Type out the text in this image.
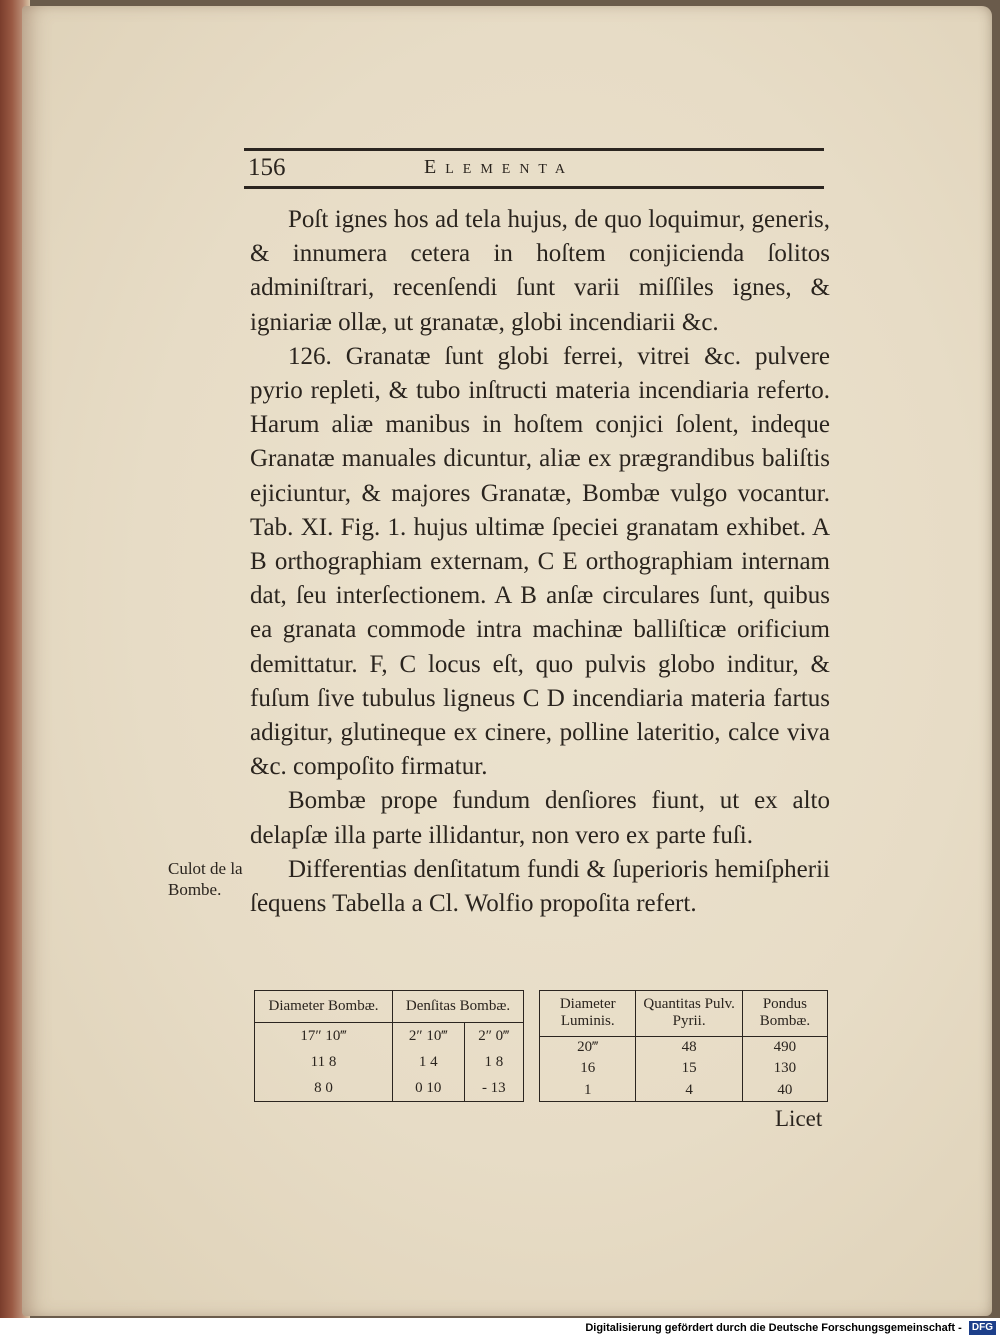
156	Elementa

Poſt ignes hos ad tela hujus, de quo loquimur, generis, & innumera cetera in hoſtem conjicienda ſolitos adminiſtrari, recenſendi ſunt varii miſſiles ignes, & igniariæ ollæ, ut granatæ, globi incendiarii &c.

126. Granatæ ſunt globi ferrei, vitrei &c. pulvere pyrio repleti, & tubo inſtructi materia incendiaria referto. Harum aliæ manibus in hoſtem conjici ſolent, indeque Granatæ manuales dicuntur, aliæ ex prægrandibus baliſtis ejiciuntur, & majores Granatæ, Bombæ vulgo vocantur. Tab. XI. Fig. 1. hujus ultimæ ſpeciei granatam exhibet. A B orthographiam externam, C E orthographiam internam dat, ſeu interſectionem. A B anſæ circulares ſunt, quibus ea granata commode intra machinæ balliſticæ orificium demittatur. F, C locus eſt, quo pulvis globo inditur, & fuſum ſive tubulus ligneus C D incendiaria materia fartus adigitur, glutineque ex cinere, polline lateritio, calce viva &c. compoſito firmatur.

Bombæ prope fundum denſiores fiunt, ut ex alto delapſæ illa parte illidantur, non vero ex parte fuſi.

Differentias denſitatum fundi & ſuperioris hemiſpherii ſequens Tabella a Cl. Wolfio propoſita refert.

Culot de la Bombe.
Diameter Bombæ.	Denſitas Bombæ.	
17″ 10‴	2″ 10‴	2″ 0‴
11 8	1 4	1 8
8 0	0 10	- 13
Diameter Luminis.	Quantitas Pulv. Pyrii.	Pondus Bombæ.
20‴	48	490
16	15	130
1	4	40
Licet
Digitalisierung gefördert durch die Deutsche Forschungsgemeinschaft - DFG
